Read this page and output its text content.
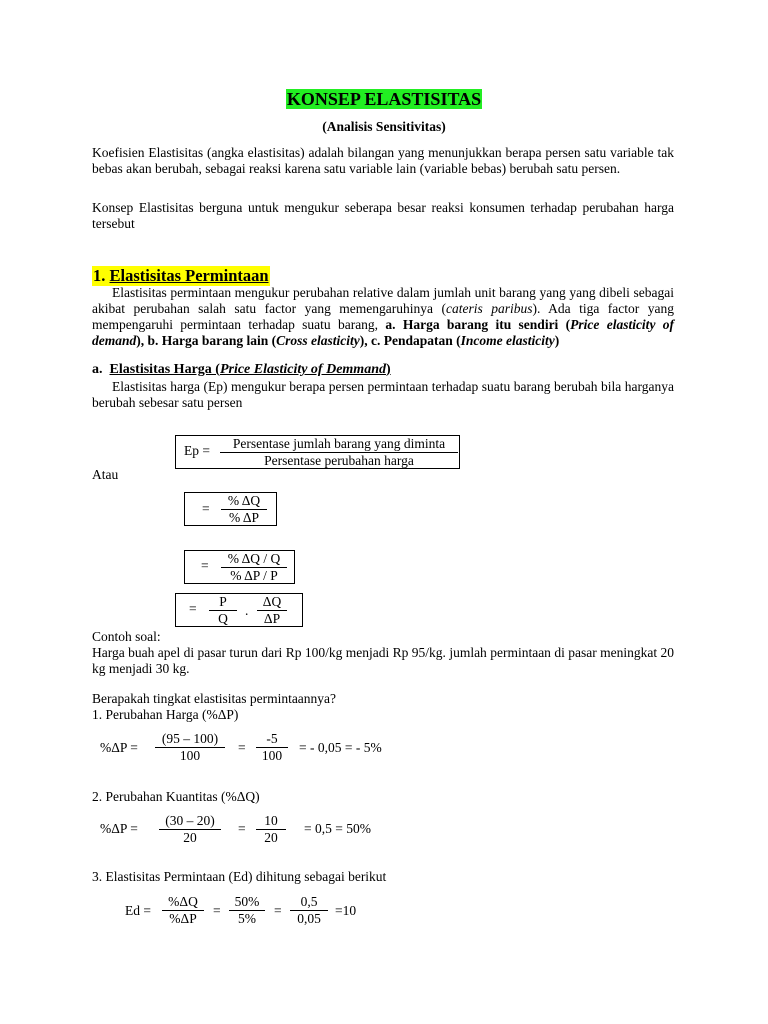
KONSEP ELASTISITAS
(Analisis Sensitivitas)
Koefisien Elastisitas (angka elastisitas) adalah bilangan yang menunjukkan berapa persen satu variable tak bebas akan berubah, sebagai reaksi karena satu variable lain (variable bebas) berubah satu persen.
Konsep Elastisitas berguna untuk mengukur seberapa besar reaksi konsumen terhadap perubahan harga tersebut
1. Elastisitas Permintaan
Elastisitas permintaan mengukur perubahan relative dalam jumlah unit barang yang yang dibeli sebagai akibat perubahan salah satu factor yang memengaruhinya (cateris paribus). Ada tiga factor yang mempengaruhi permintaan terhadap suatu barang, a. Harga barang itu sendiri (Price elasticity of demand), b. Harga barang lain (Cross elasticity), c. Pendapatan (Income elasticity)
a. Elastisitas Harga (Price Elasticity of Demmand)
Elastisitas harga (Ep) mengukur berapa persen permintaan terhadap suatu barang berubah bila harganya berubah sebesar satu persen
Ep =	Persentase jumlah barang yang diminta
Persentase perubahan harga
Atau
= $\frac{\% \Delta Q}{\% \Delta P}$
= $\frac{\% \Delta Q / Q}{\% \Delta P / P}$
= $\frac{P}{Q}$ . $\frac{\Delta Q}{\Delta P}$
Contoh soal:
Harga buah apel di pasar turun dari Rp 100/kg menjadi Rp 95/kg. jumlah permintaan di pasar meningkat 20 kg menjadi 30 kg.
Berapakah tingkat elastisitas permintaannya?
1. Perubahan Harga (%ΔP)
$\%\Delta P = \frac{(95 - 100)}{100} = \frac{-5}{100}$ = - 0,05 = - 5%
2. Perubahan Kuantitas (%ΔQ)
$\%\Delta P = \frac{(30 - 20)}{20} = \frac{10}{20} = 0,5 = 50\%$
3. Elastisitas Permintaan (Ed) dihitung sebagai berikut
$Ed = \frac{\%\Delta Q}{\%\Delta P} = \frac{50\%}{5\%} = \frac{0,5}{0,05} =10$
